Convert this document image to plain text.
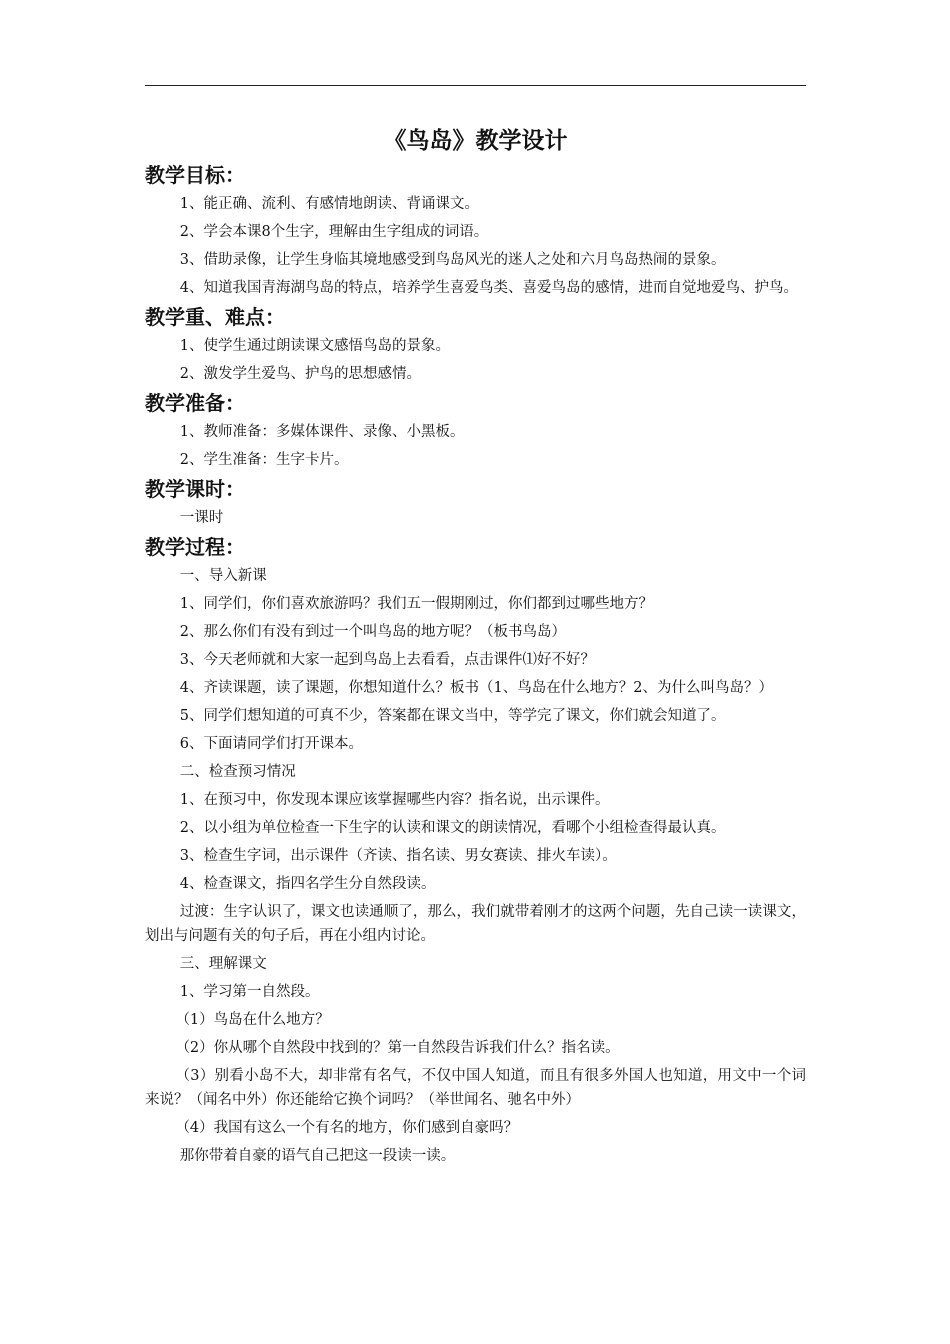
《鸟岛》教学设计
教学目标：
1、能正确、流利、有感情地朗读、背诵课文。
2、学会本课8个生字，理解由生字组成的词语。
3、借助录像，让学生身临其境地感受到鸟岛风光的迷人之处和六月鸟岛热闹的景象。
4、知道我国青海湖鸟岛的特点，培养学生喜爱鸟类、喜爱鸟岛的感情，进而自觉地爱鸟、护鸟。
教学重、难点：
1、使学生通过朗读课文感悟鸟岛的景象。
2、激发学生爱鸟、护鸟的思想感情。
教学准备：
1、教师准备：多媒体课件、录像、小黑板。
2、学生准备：生字卡片。
教学课时：
一课时
教学过程：
一、导入新课
1、同学们，你们喜欢旅游吗？我们五一假期刚过，你们都到过哪些地方？
2、那么你们有没有到过一个叫鸟岛的地方呢？（板书鸟岛）
3、今天老师就和大家一起到鸟岛上去看看，点击课件⑴好不好？
4、齐读课题，读了课题，你想知道什么？板书（1、鸟岛在什么地方？2、为什么叫鸟岛？）
5、同学们想知道的可真不少，答案都在课文当中，等学完了课文，你们就会知道了。
6、下面请同学们打开课本。
二、检查预习情况
1、在预习中，你发现本课应该掌握哪些内容？指名说，出示课件。
2、以小组为单位检查一下生字的认读和课文的朗读情况，看哪个小组检查得最认真。
3、检查生字词，出示课件（齐读、指名读、男女赛读、排火车读）。
4、检查课文，指四名学生分自然段读。
过渡：生字认识了，课文也读通顺了，那么，我们就带着刚才的这两个问题，先自己读一读课文，划出与问题有关的句子后，再在小组内讨论。
三、理解课文
1、学习第一自然段。
（1）鸟岛在什么地方？
（2）你从哪个自然段中找到的？第一自然段告诉我们什么？指名读。
（3）别看小岛不大，却非常有名气，不仅中国人知道，而且有很多外国人也知道，用文中一个词来说？（闻名中外）你还能给它换个词吗？（举世闻名、驰名中外）
（4）我国有这么一个有名的地方，你们感到自豪吗？
那你带着自豪的语气自己把这一段读一读。
